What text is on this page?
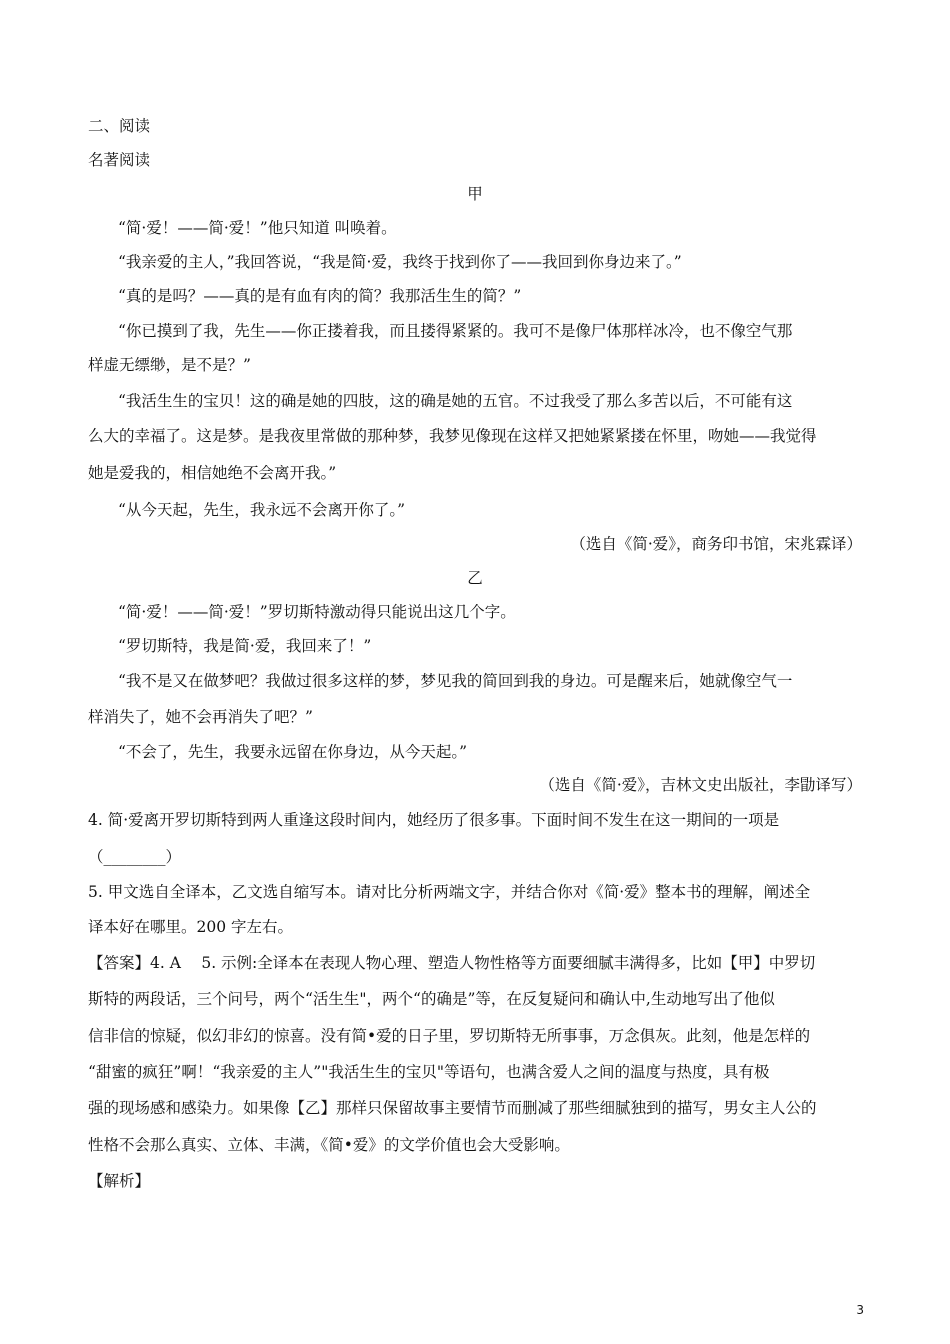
二、阅读

名著阅读

甲

“简·爱！——简·爱！”他只知道 叫唤着。

“我亲爱的主人，”我回答说，“我是简·爱，我终于找到你了——我回到你身边来了。”

“真的是吗？——真的是有血有肉的简？我那活生生的简？”

“你已摸到了我，先生——你正搂着我，而且搂得紧紧的。我可不是像尸体那样冰冷，也不像空气那

样虚无缥缈，是不是？”

“我活生生的宝贝！这的确是她的四肢，这的确是她的五官。不过我受了那么多苦以后，不可能有这

么大的幸福了。这是梦。是我夜里常做的那种梦，我梦见像现在这样又把她紧紧搂在怀里，吻她——我觉得

她是爱我的，相信她绝不会离开我。”

“从今天起，先生，我永远不会离开你了。”

（选自《简·爱》，商务印书馆，宋兆霖译）

乙

“简·爱！——简·爱！”罗切斯特激动得只能说出这几个字。

“罗切斯特，我是简·爱，我回来了！”

“我不是又在做梦吧？我做过很多这样的梦，梦见我的简回到我的身边。可是醒来后，她就像空气一

样消失了，她不会再消失了吧？”

“不会了，先生，我要永远留在你身边，从今天起。”

（选自《简·爱》，吉林文史出版社，李勖译写）

4. 简·爱离开罗切斯特到两人重逢这段时间内，她经历了很多事。下面时间不发生在这一期间的一项是

（________）

5. 甲文选自全译本，乙文选自缩写本。请对比分析两端文字，并结合你对《简·爱》整本书的理解，阐述全

译本好在哪里。200 字左右。

【答案】4. A　 5. 示例:全译本在表现人物心理、塑造人物性格等方面要细腻丰满得多，比如【甲】中罗切

斯特的两段话，三个问号，两个“活生生"，两个“的确是”等，在反复疑问和确认中,生动地写出了他似

信非信的惊疑，似幻非幻的惊喜。没有简•爱的日子里，罗切斯特无所事事，万念俱灰。此刻，他是怎样的

“甜蜜的疯狂”啊！“我亲爱的主人”"我活生生的宝贝"等语句，也满含爱人之间的温度与热度，具有极

强的现场感和感染力。如果像【乙】那样只保留故事主要情节而删减了那些细腻独到的描写，男女主人公的

性格不会那么真实、立体、丰满，《简•爱》的文学价值也会大受影响。

【解析】

3
